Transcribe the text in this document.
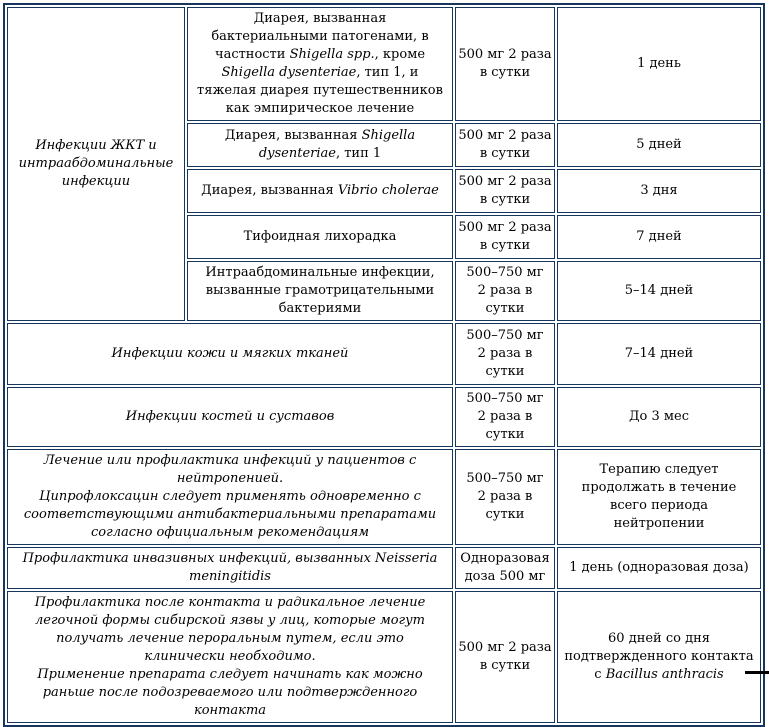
Инфекции ЖКТ и интраабдоминальные инфекции	Диарея, вызванная бактериальными патогенами, в частности Shigella spp., кроме Shigella dysenteriae, тип 1, и тяжелая диарея путешественников как эмпирическое лечение	500 мг 2 раза в сутки	1 день
	Диарея, вызванная Shigella dysenteriae, тип 1	500 мг 2 раза в сутки	5 дней
	Диарея, вызванная Vibrio cholerae	500 мг 2 раза в сутки	3 дня
	Тифоидная лихорадка	500 мг 2 раза в сутки	7 дней
	Интраабдоминальные инфекции, вызванные грамотрицательными бактериями	500–750 мг 2 раза в сутки	5–14 дней
Инфекции кожи и мягких тканей		500–750 мг 2 раза в сутки	7–14 дней
Инфекции костей и суставов		500–750 мг 2 раза в сутки	До 3 мес

Лечение или профилактика инфекций у пациентов с нейтропенией.
Ципрофлоксацин следует применять одновременно с соответствующими антибактериальными препаратами согласно официальным рекомендациям		500–750 мг 2 раза в сутки	Терапию следует продолжать в течение всего периода нейтропении
Профилактика инвазивных инфекций, вызванных Neisseria meningitidis		Одноразовая доза 500 мг	1 день (одноразовая доза)

Профилактика после контакта и радикальное лечение легочной формы сибирской язвы у лиц, которые могут получать лечение пероральным путем, если это клинически необходимо.
Применение препарата следует начинать как можно раньше после подозреваемого или подтвержденного контакта		500 мг 2 раза в сутки	60 дней со дня подтвержденного контакта с Bacillus anthracis
